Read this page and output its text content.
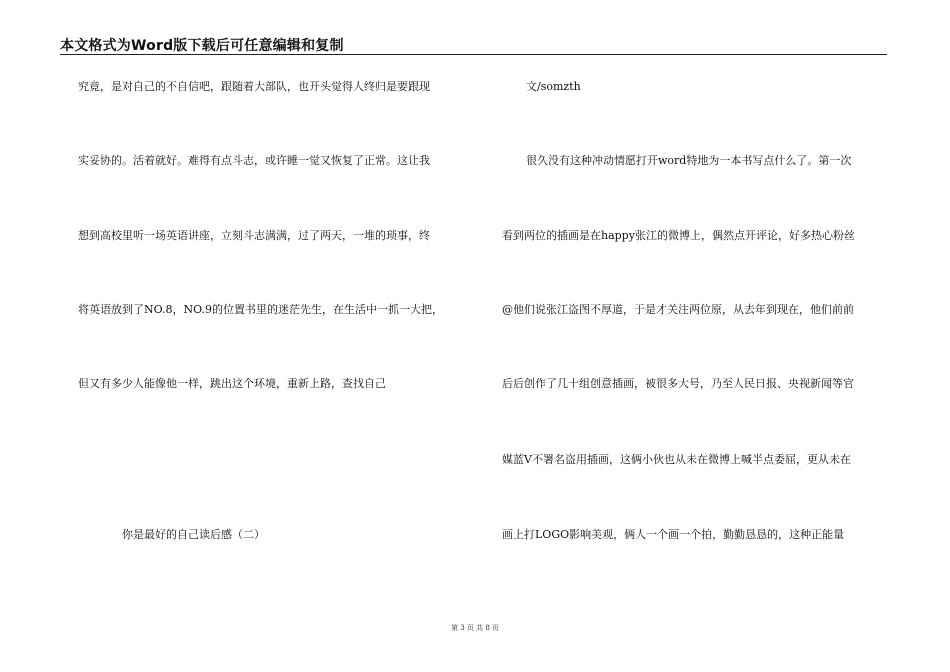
本文格式为Word版下载后可任意编辑和复制
究竟，是对自己的不自信吧，跟随着大部队，也开头觉得人终归是要跟现
实妥协的。活着就好。难得有点斗志，或许睡一觉又恢复了正常。这让我
想到高校里听一场英语讲座，立刻斗志满满，过了两天，一堆的琐事，终
将英语放到了NO.8，NO.9的位置书里的迷茫先生，在生活中一抓一大把，
但又有多少人能像他一样，跳出这个环境，重新上路，查找自己
你是最好的自己读后感（二）
文/somzth
很久没有这种冲动情愿打开word特地为一本书写点什么了。第一次
看到两位的插画是在happy张江的微博上，偶然点开评论，好多热心粉丝
@他们说张江盗图不厚道，于是才关注两位原，从去年到现在，他们前前
后后创作了几十组创意插画，被很多大号，乃至人民日报、央视新闻等官
媒蓝V不署名盗用插画，这俩小伙也从未在微博上喊半点委屈，更从未在
画上打LOGO影响美观，俩人一个画一个拍，勤勤恳恳的，这种正能量
第 3 页 共 8 页
